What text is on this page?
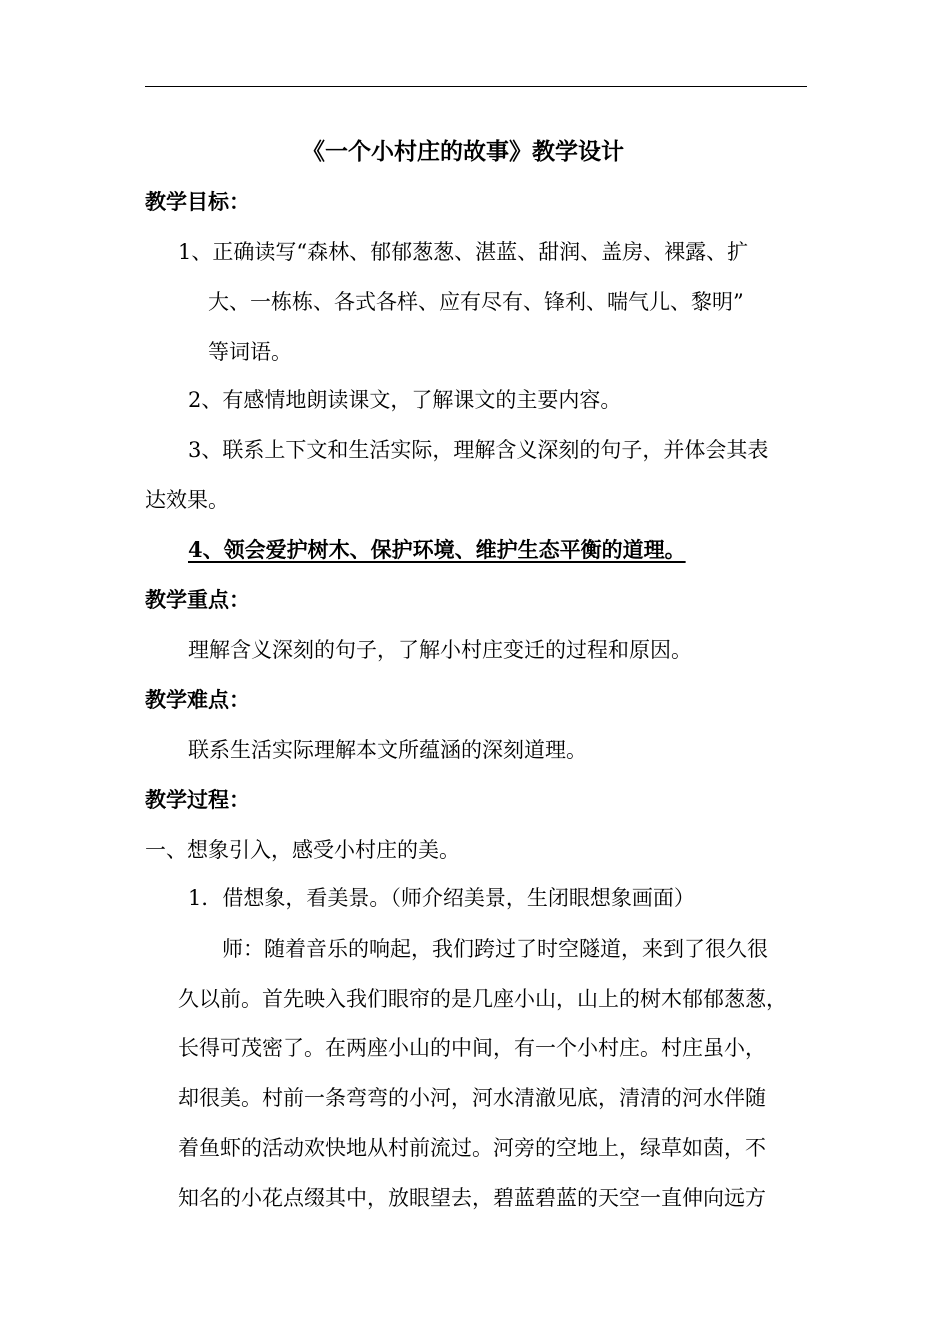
《一个小村庄的故事》教学设计
教学目标：
1、正确读写“森林、郁郁葱葱、湛蓝、甜润、盖房、裸露、扩
大、一栋栋、各式各样、应有尽有、锋利、喘气儿、黎明”
等词语。
2、有感情地朗读课文，了解课文的主要内容。
3、联系上下文和生活实际，理解含义深刻的句子，并体会其表
达效果。
4、领会爱护树木、保护环境、维护生态平衡的道理。
教学重点：
理解含义深刻的句子，了解小村庄变迁的过程和原因。
教学难点：
联系生活实际理解本文所蕴涵的深刻道理。
教学过程：
一、想象引入，感受小村庄的美。
1．借想象，看美景。（师介绍美景，生闭眼想象画面）
师：随着音乐的响起，我们跨过了时空隧道，来到了很久很
久以前。首先映入我们眼帘的是几座小山，山上的树木郁郁葱葱，
长得可茂密了。在两座小山的中间，有一个小村庄。村庄虽小，
却很美。村前一条弯弯的小河，河水清澈见底，清清的河水伴随
着鱼虾的活动欢快地从村前流过。河旁的空地上，绿草如茵，不
知名的小花点缀其中，放眼望去，碧蓝碧蓝的天空一直伸向远方
